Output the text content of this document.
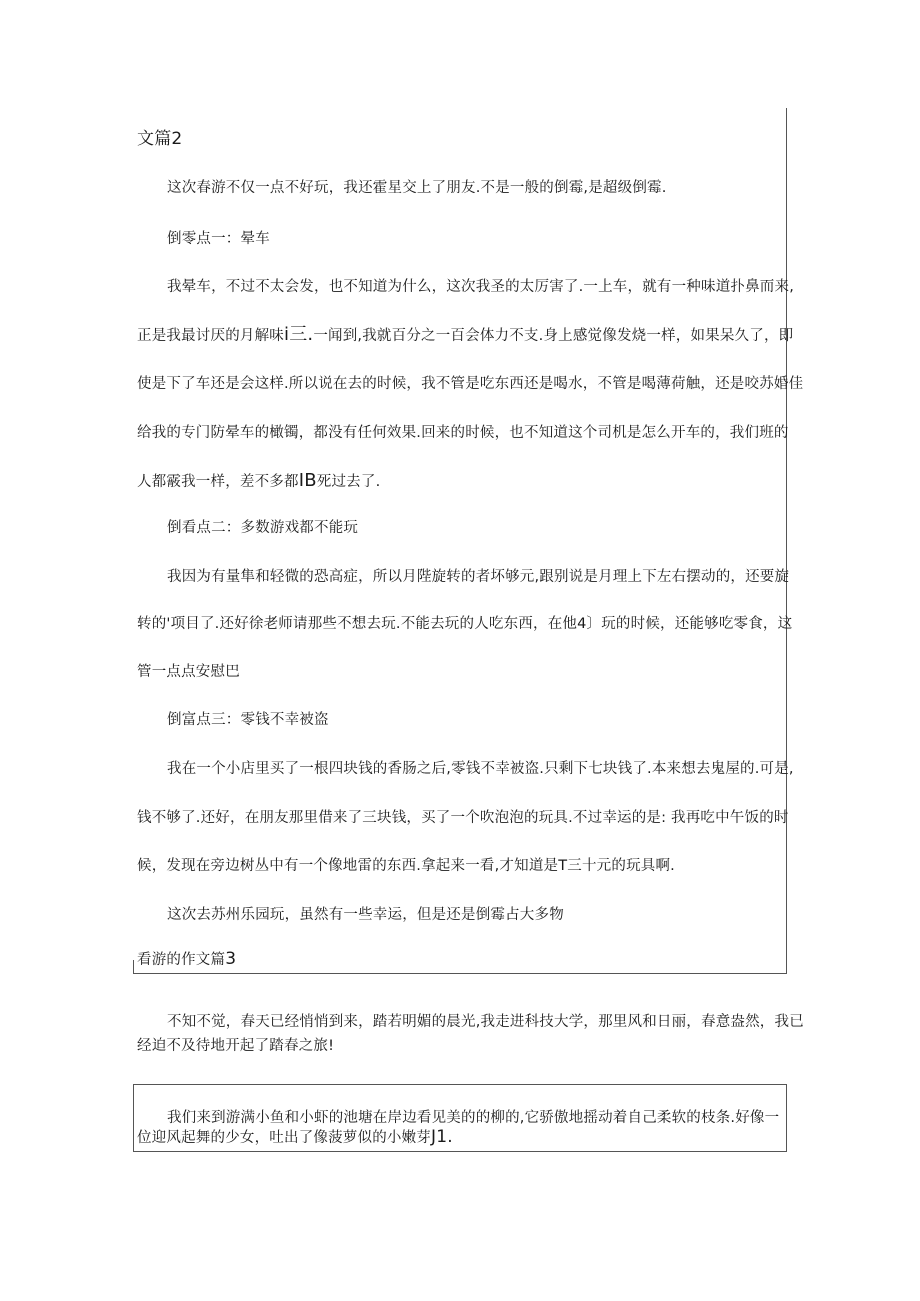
文篇2
这次春游不仅一点不好玩，我还霍星交上了朋友.不是一般的倒霉,是超级倒霉.
倒零点一：晕车
我晕车，不过不太会发，也不知道为什么，这次我圣的太厉害了.一上车，就有一种味道扑鼻而来,
正是我最讨厌的月解味i三.一闻到,我就百分之一百会体力不支.身上感觉像发烧一样，如果呆久了，即
使是下了车还是会这样.所以说在去的时候，我不管是吃东西还是喝水，不管是喝薄荷触，还是咬苏婚佳
给我的专门防晕车的橄镯，都没有任何效果.回来的时候，也不知道这个司机是怎么开车的，我们班的
人都霰我一样，差不多都IB死过去了.
倒看点二：多数游戏都不能玩
我因为有量隼和轻微的恐高症，所以月陛旋转的者坏够元,跟别说是月理上下左右摆动的，还要旋
转的'项目了.还好徐老师请那些不想去玩.不能去玩的人吃东西，在他4〕玩的时候，还能够吃零食，这
管一点点安慰巴
倒富点三：零钱不幸被盗
我在一个小店里买了一根四块钱的香肠之后,零钱不幸被盗.只剩下七块钱了.本来想去鬼屋的.可是,
钱不够了.还好，在朋友那里借来了三块钱，买了一个吹泡泡的玩具.不过幸运的是: 我再吃中午饭的时
候，发现在旁边树丛中有一个像地雷的东西.拿起来一看,才知道是T三十元的玩具啊.
这次去苏州乐园玩，虽然有一些幸运，但是还是倒霉占大多物
看游的作文篇3
不知不觉，春天已经悄悄到来，踏若明媚的晨光,我走进科技大学，那里风和日丽，春意盎然，我已
经迫不及待地开起了踏春之旅!
我们来到游满小鱼和小虾的池塘在岸边看见美的的柳的,它骄傲地摇动着自己柔软的枝条.好像一
位迎风起舞的少女，吐出了像菠萝似的小嫩芽J1.
